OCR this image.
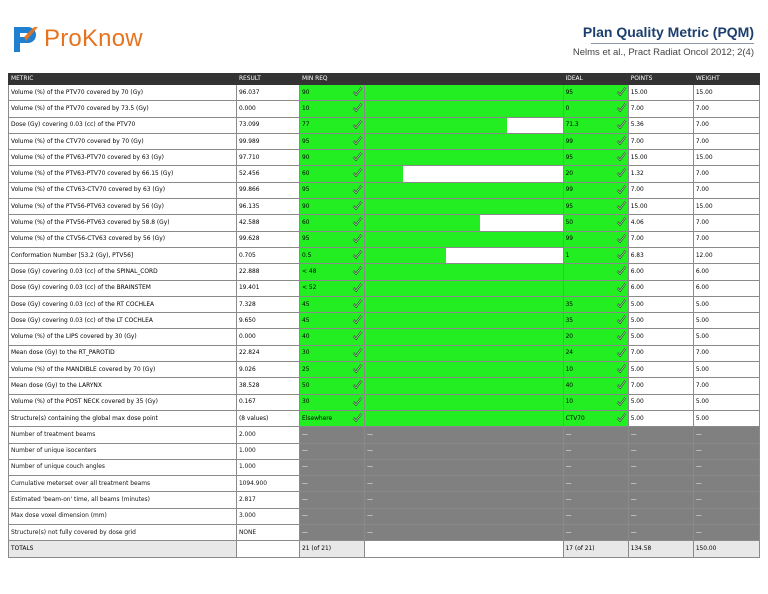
ProKnow	Plan Quality Metric (PQM)
Nelms et al., Pract Radiat Oncol 2012; 2(4)
METRIC	RESULT	MIN REQ		IDEAL	POINTS	WEIGHT
Volume (%) of the PTV70 covered by 70 (Gy)	96.037	90		95	15.00	15.00
Volume (%) of the PTV70 covered by 73.5 (Gy)	0.000	10		0	7.00	7.00
Dose (Gy) covering 0.03 (cc) of the PTV70	73.099	77		71.3	5.36	7.00
Volume (%) of the CTV70 covered by 70 (Gy)	99.989	95		99	7.00	7.00
Volume (%) of the PTV63-PTV70 covered by 63 (Gy)	97.710	90		95	15.00	15.00
Volume (%) of the PTV63-PTV70 covered by 66.15 (Gy)	52.456	60		20	1.32	7.00
Volume (%) of the CTV63-CTV70 covered by 63 (Gy)	99.866	95		99	7.00	7.00
Volume (%) of the PTV56-PTV63 covered by 56 (Gy)	96.135	90		95	15.00	15.00
Volume (%) of the PTV56-PTV63 covered by 58.8 (Gy)	42.588	60		50	4.06	7.00
Volume (%) of the CTV56-CTV63 covered by 56 (Gy)	99.628	95		99	7.00	7.00
Conformation Number [53.2 (Gy), PTV56]	0.705	0.5		1	6.83	12.00
Dose (Gy) covering 0.03 (cc) of the SPINAL_CORD	22.888	< 48			6.00	6.00
Dose (Gy) covering 0.03 (cc) of the BRAINSTEM	19.401	< 52			6.00	6.00
Dose (Gy) covering 0.03 (cc) of the RT COCHLEA	7.328	45		35	5.00	5.00
Dose (Gy) covering 0.03 (cc) of the LT COCHLEA	9.650	45		35	5.00	5.00
Volume (%) of the LIPS covered by 30 (Gy)	0.000	40		20	5.00	5.00
Mean dose (Gy) to the RT_PAROTID	22.824	30		24	7.00	7.00
Volume (%) of the MANDIBLE covered by 70 (Gy)	9.026	25		10	5.00	5.00
Mean dose (Gy) to the LARYNX	38.528	50		40	7.00	7.00
Volume (%) of the POST NECK covered by 35 (Gy)	0.167	30		10	5.00	5.00
Structure(s) containing the global max dose point	(8 values)	Elsewhere		CTV70	5.00	5.00
Number of treatment beams	2.000	—	—	—	—	—
Number of unique isocenters	1.000	—	—	—	—	—
Number of unique couch angles	1.000	—	—	—	—	—
Cumulative meterset over all treatment beams	1094.900	—	—	—	—	—
Estimated 'beam-on' time, all beams (minutes)	2.817	—	—	—	—	—
Max dose voxel dimension (mm)	3.000	—	—	—	—	—
Structure(s) not fully covered by dose grid	NONE	—	—	—	—	—
TOTALS		21 (of 21)		17 (of 21)	134.58	150.00
